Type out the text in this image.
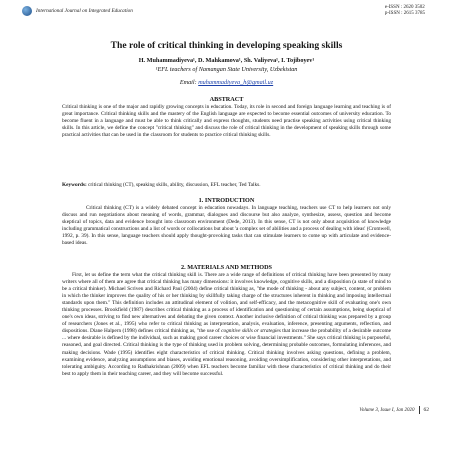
International Journal on Integrated Education
e-ISSN : 2620 3502
p-ISSN : 2615 3785
The role of critical thinking in developing speaking skills
H. Muhammadiyeva¹, D. Mahkamova¹, Sh. Valiyeva¹, I. Tojiboyev¹
¹EFL teachers of Namangan State University, Uzbekistan
Email: muhammadiyeva_h@gmail.uz
ABSTRACT

Critical thinking is one of the major and rapidly growing concepts in education. Today, its role in second and foreign language learning and teaching is of great importance. Critical thinking skills and the mastery of the English language are expected to become essential outcomes of university education. To become fluent in a language and must be able to think critically and express thoughts, students need practise speaking activities using critical thinking skills. In this article, we define the concept "critical thinking" and discuss the role of critical thinking in the development of speaking skills through some practical activities that can be used in the classroom for students to practice critical thinking skills.

Keywords: critical thinking (CT), speaking skills, ability, discussion, EFL teacher, Ted Talks.

1. INTRODUCTION

Critical thinking (CT) is a widely debated concept in education nowadays. In language teaching, teachers use CT to help learners not only discuss and run negotiations about meaning of words, grammar, dialogues and discourse but also analyze, synthesize, assess, question and become skeptical of topics, data and evidence brought into classroom environment (Dede, 2013). In this sense, CT is not only about acquisition of knowledge including grammatical constructions and a list of words or collocations but about 'a complex set of abilities and a process of dealing with ideas' (Cromwell, 1992, p. 39). In this sense, language teachers should apply thought-provoking tasks that can stimulate learners to come up with articulate and evidence-based ideas.

2. MATERIALS AND METHODS

First, let us define the term what the critical thinking skill is. There are a wide range of definitions of critical thinking have been presented by many writers where all of them are agree that critical thinking has many dimensions: it involves knowledge, cognitive skills, and a disposition (a state of mind to be a critical thinker). Michael Scriven and Richard Paul (2004) define critical thinking as, "the mode of thinking - about any subject, content, or problem in which the thinker improves the quality of his or her thinking by skillfully taking charge of the structures inherent in thinking and imposing intellectual standards upon them." This definition includes an attitudinal element of volition, and self-efficacy, and the metacognitive skill of evaluating one's own thinking processes. Brookfield (1987) describes critical thinking as a process of identification and questioning of certain assumptions, being skeptical of one's own ideas, striving to find new alternatives and debating the given context. Another inclusive definition of critical thinking was prepared by a group of researchers (Jones et al., 1995) who refer to critical thinking as interpretation, analysis, evaluation, inference, presenting arguments, reflection, and dispositions. Diane Halpern (1998) defines critical thinking as, "the use of cognitive skills or strategies that increase the probability of a desirable outcome ... where desirable is defined by the individual, such as making good career choices or wise financial investments." She says critical thinking is purposeful, reasoned, and goal directed. Critical thinking is the type of thinking used in problem solving, determining probable outcomes, formulating inferences, and making decisions. Wade (1995) identifies eight characteristics of critical thinking. Critical thinking involves asking questions, defining a problem, examining evidence, analyzing assumptions and biases, avoiding emotional reasoning, avoiding oversimplification, considering other interpretations, and tolerating ambiguity. According to Radhakrishnan (2009) when EFL teachers become familiar with these characteristics of critical thinking and do their best to apply them in their teaching career, and they will become successful.

Volume 3, Issue I, Jan 2020 62
